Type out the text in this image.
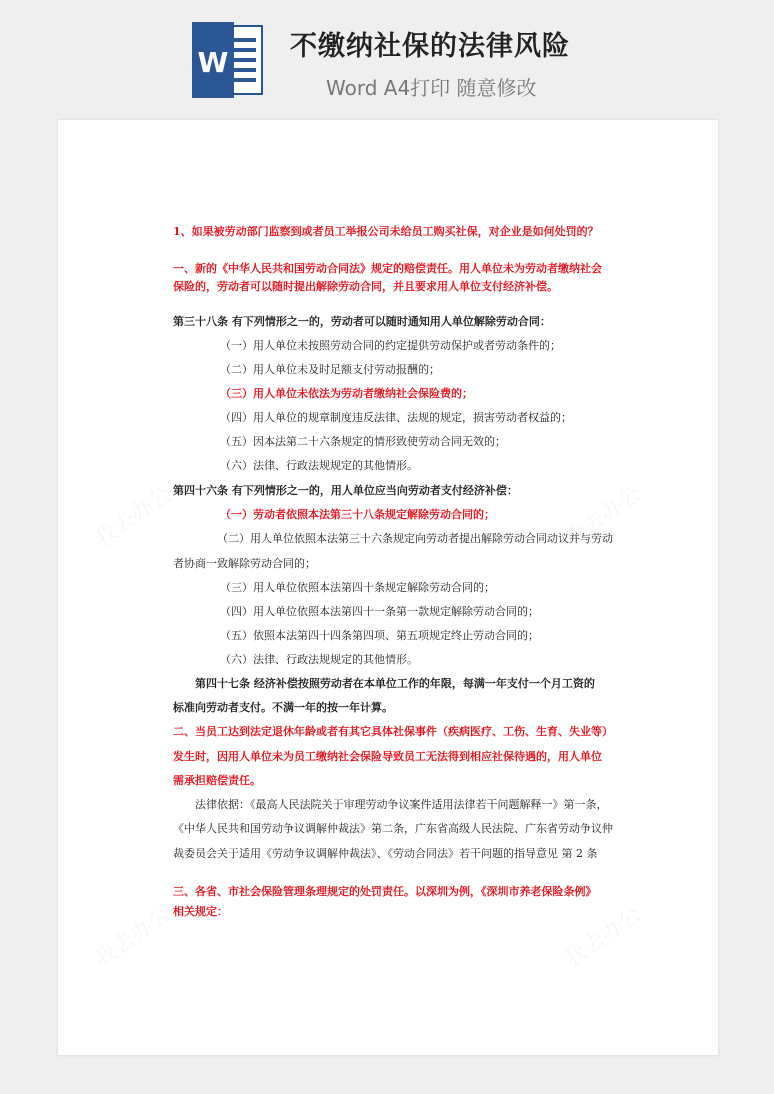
W 不缴纳社保的法律风险
Word A4打印 随意修改
1、如果被劳动部门监察到或者员工举报公司未给员工购买社保，对企业是如何处罚的？
一、新的《中华人民共和国劳动合同法》规定的赔偿责任。用人单位未为劳动者缴纳社会
保险的，劳动者可以随时提出解除劳动合同，并且要求用人单位支付经济补偿。
第三十八条 有下列情形之一的，劳动者可以随时通知用人单位解除劳动合同：
（一）用人单位未按照劳动合同的约定提供劳动保护或者劳动条件的；
（二）用人单位未及时足额支付劳动报酬的；
（三）用人单位未依法为劳动者缴纳社会保险费的；
（四）用人单位的规章制度违反法律、法规的规定，损害劳动者权益的；
（五）因本法第二十六条规定的情形致使劳动合同无效的；
（六）法律、行政法规规定的其他情形。
第四十六条 有下列情形之一的，用人单位应当向劳动者支付经济补偿：
（一）劳动者依照本法第三十八条规定解除劳动合同的；
（二）用人单位依照本法第三十六条规定向劳动者提出解除劳动合同动议并与劳动
者协商一致解除劳动合同的；
（三）用人单位依照本法第四十条规定解除劳动合同的；
（四）用人单位依照本法第四十一条第一款规定解除劳动合同的；
（五）依照本法第四十四条第四项、第五项规定终止劳动合同的；
（六）法律、行政法规规定的其他情形。
第四十七条 经济补偿按照劳动者在本单位工作的年限，每满一年支付一个月工资的
标准向劳动者支付。不满一年的按一年计算。
二、当员工达到法定退休年龄或者有其它具体社保事件（疾病医疗、工伤、生育、失业等）
发生时，因用人单位未为员工缴纳社会保险导致员工无法得到相应社保待遇的，用人单位
需承担赔偿责任。
法律依据：《最高人民法院关于审理劳动争议案件适用法律若干问题解释一》第一条，
《中华人民共和国劳动争议调解仲裁法》第二条，广东省高级人民法院、广东省劳动争议仲
裁委员会关于适用《劳动争议调解仲裁法》、《劳动合同法》若干问题的指导意见 第 2 条
三、各省、市社会保险管理条理规定的处罚责任。以深圳为例，《深圳市养老保险条例》
相关规定：
